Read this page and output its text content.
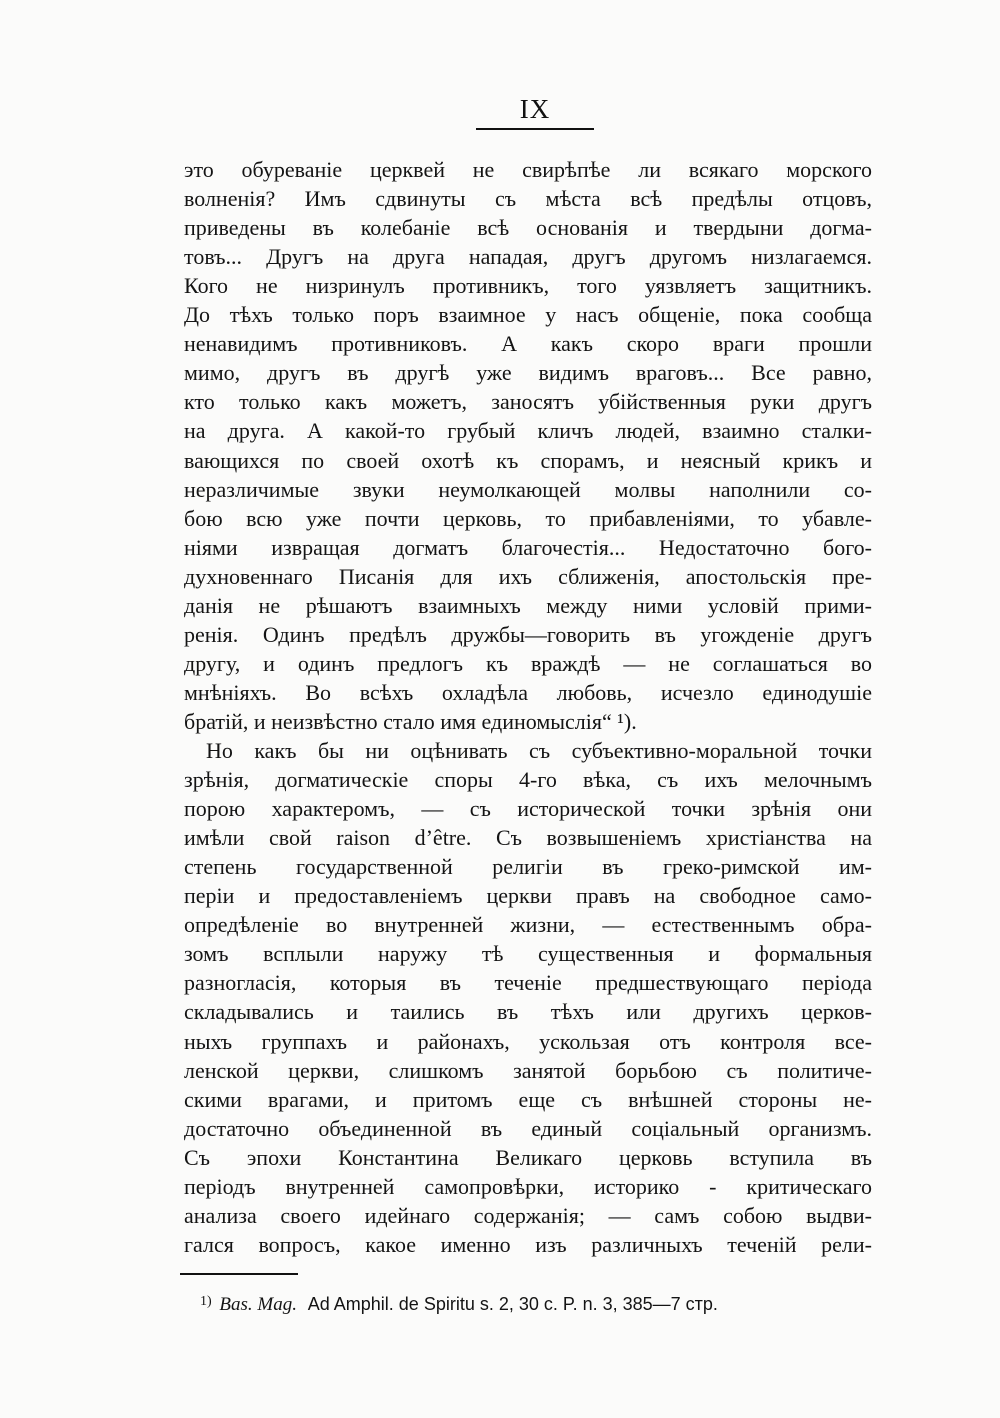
IX
это обуреваніе церквей не свирѣпѣе ли всякаго морского
волненія? Имъ сдвинуты съ мѣста всѣ предѣлы отцовъ,
приведены въ колебаніе всѣ основанія и твердыни догма-
товъ... Другъ на друга нападая, другъ другомъ низлагаемся.
Кого не низринулъ противникъ, того уязвляетъ защитникъ.
До тѣхъ только поръ взаимное у насъ общеніе, пока сообща
ненавидимъ противниковъ. А какъ скоро враги прошли
мимо, другъ въ другѣ уже видимъ враговъ... Все равно,
кто только какъ можетъ, заносятъ убійственныя руки другъ
на друга. А какой-то грубый кличъ людей, взаимно сталки-
вающихся по своей охотѣ къ спорамъ, и неясный крикъ и
неразличимые звуки неумолкающей молвы наполнили со-
бою всю уже почти церковь, то прибавленіями, то убавле-
ніями извращая догматъ благочестія... Недостаточно бого-
духновеннаго Писанія для ихъ сближенія, апостольскія пре-
данія не рѣшаютъ взаимныхъ между ними условій прими-
ренія. Одинъ предѣлъ дружбы—говорить въ угожденіе другъ
другу, и одинъ предлогъ къ враждѣ — не соглашаться во
мнѣніяхъ. Во всѣхъ охладѣла любовь, исчезло единодушіе
братій, и неизвѣстно стало имя единомыслія“ ¹).
Но какъ бы ни оцѣнивать съ субъективно-моральной точки
зрѣнія, догматическіе споры 4-го вѣка, съ ихъ мелочнымъ
порою характеромъ, — съ исторической точки зрѣнія они
имѣли свой raison d’être. Съ возвышеніемъ христіанства на
степень государственной религіи въ греко-римской им-
періи и предоставленіемъ церкви правъ на свободное само-
опредѣленіе во внутренней жизни, — естественнымъ обра-
зомъ всплыли наружу тѣ существенныя и формальныя
разногласія, которыя въ теченіе предшествующаго періода
складывались и таились въ тѣхъ или другихъ церков-
ныхъ группахъ и районахъ, ускользая отъ контроля все-
ленской церкви, слишкомъ занятой борьбою съ политиче-
скими врагами, и притомъ еще съ внѣшней стороны не-
достаточно объединенной въ единый соціальный организмъ.
Съ эпохи Константина Великаго церковь вступила въ
періодъ внутренней самопровѣрки, историко - критическаго
анализа своего идейнаго содержанія; — самъ собою выдви-
гался вопросъ, какое именно изъ различныхъ теченій рели-
$^{1)}$ Bas. Mag. Ad Amphil. de Spiritu s. 2, 30 c. P. n. 3, 385—7 стр.
